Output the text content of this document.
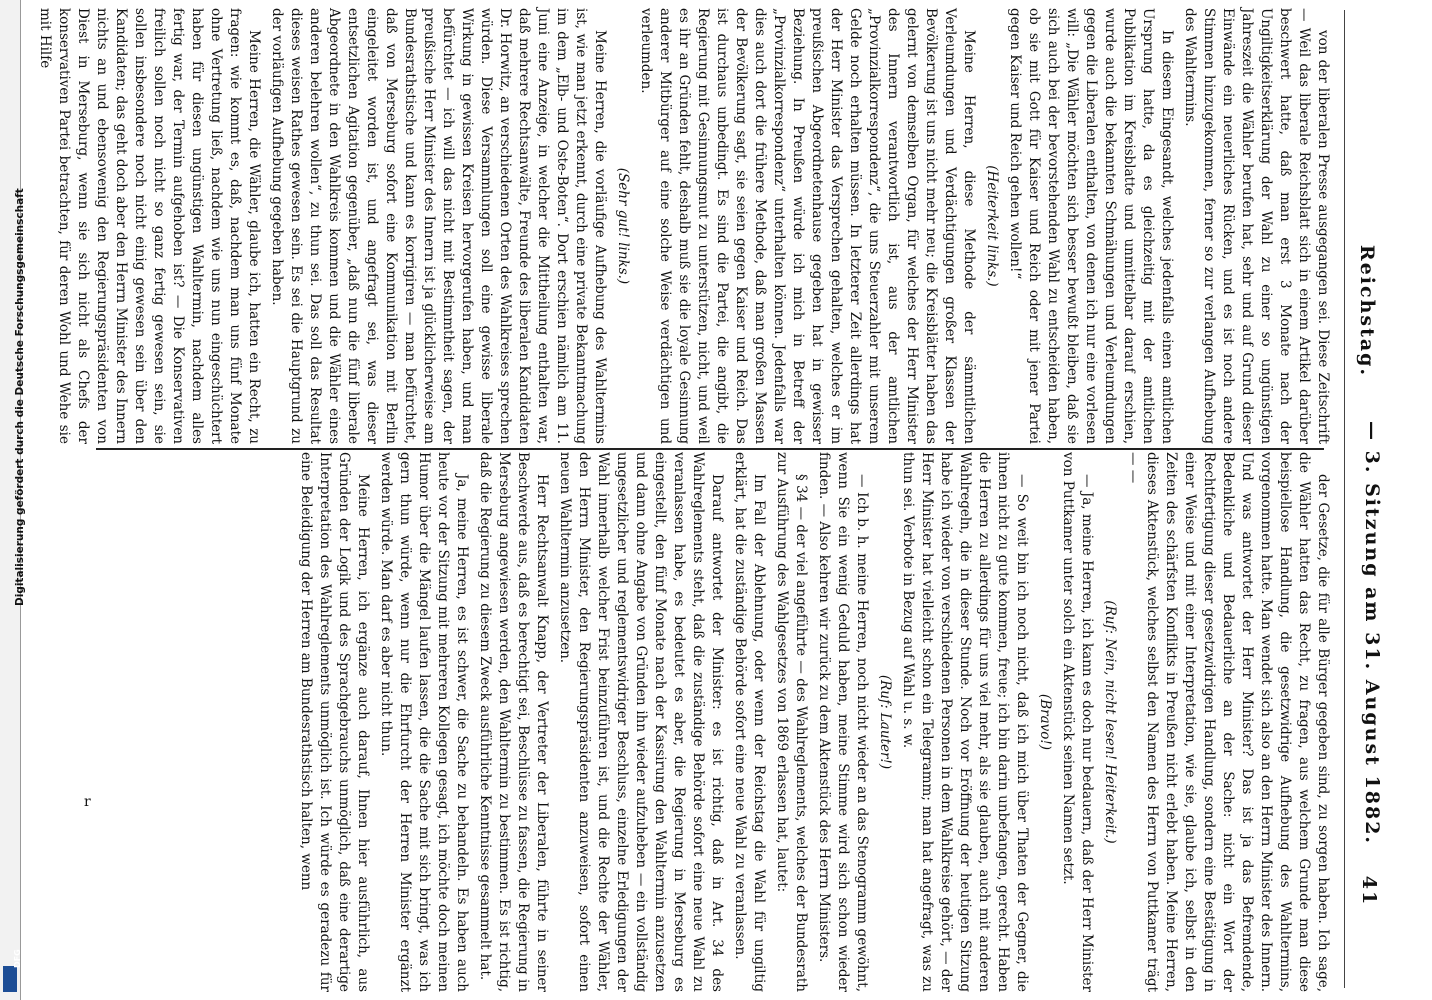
Digitalisierung gefördert durch die Deutsche Forschungsgemeinschaft
DFG

von der liberalen Presse ausgegangen sei. Diese Zeitschrift — Weil das liberale Reichsblatt sich in einem Artikel darüber beschwert hatte, daß man erst 3 Monate nach der Ungiltigkeitserklärung der Wahl zu einer so ungünstigen Jahreszeit die Wähler berufen hat, sehr und auf Grund dieser Einwände ein neuerliches Rücken, und es ist noch andere Stimmen hinzugekommen, ferner so zur verlangen Aufhebung des Wahltermins.

In diesem Eingesandt, welches jedenfalls einen amtlichen Ursprung hatte, da es gleichzeitig mit der amtlichen Publikation im Kreisblatte und unmittelbar darauf erschien, wurde auch die bekannten Schmähungen und Verleumdungen gegen die Liberalen enthalten, von denen ich nur eine vorlesen will: „Die Wähler möchten sich besser bewußt bleiben, daß sie sich auch bei der bevorstehenden Wahl zu entscheiden haben, ob sie mit Gott für Kaiser und Reich oder mit jener Partei gegen Kaiser und Reich gehen wollen!“

(Heiterkeit links.)

Meine Herren, diese Methode der sämmtlichen Verleumdungen und Verdächtigungen großer Klassen der Bevölkerung ist uns nicht mehr neu; die Kreisblätter haben das gelernt von demselben Organ, für welches der Herr Minister des Innern verantwortlich ist, aus der amtlichen „Provinzialkorrespondenz“, die uns Steuerzahler mit unserem Gelde noch erhalten müssen. In letzterer Zeit allerdings hat der Herr Minister das Versprechen gehalten, welches er im preußischen Abgeordnetenhause gegeben hat in gewisser Beziehung. In Preußen würde ich mich in Betreff der „Provinzialkorrespondenz“ unterhalten können. Jedenfalls war dies auch dort die frühere Methode, daß man großen Massen der Bevölkerung sagt, sie seien gegen Kaiser und Reich. Das ist durchaus unbedingt. Es sind die Partei, die angibt, die Regierung mit Gesinnungsmut zu unterstützen, nicht, und weil es ihr an Gründen fehlt, deshalb muß sie die loyale Gesinnung anderer Mitbürger auf eine solche Weise verdächtigen und verleumden.

(Sehr gut! links.)

Meine Herren, die vorläufige Aufhebung des Wahltermins ist, wie man jetzt erkennt, durch eine private Bekanntmachung im dem „Elb- und Oste-Boten“. Dort erschien nämlich am 11. Juni eine Anzeige, in welcher die Mittheilung enthalten war, daß mehrere Rechtsanwälte, Freunde des liberalen Kandidaten Dr. Horwitz, an verschiedenen Orten des Wahlkreises sprechen würden. Diese Versammlungen soll eine gewisse liberale Wirkung in gewissen Kreisen hervorgerufen haben, und man befürchtet — ich will das nicht mit Bestimmtheit sagen, der preußische Herr Minister des Innern ist ja glücklicherweise am Bundesrathstische und kann es korrigiren — man befürchtet, daß von Merseburg sofort eine Kommunikation mit Berlin eingeleitet worden ist, und angefragt sei, was dieser entsetzlichen Agitation gegenüber, „daß nun die fünf liberale Abgeordnete in den Wahlkreis kommen und die Wähler eines anderen belehren wollen“, zu thun sei. Das soll das Resultat dieses weisen Rathes gewesen sein. Es sei die Hauptgrund zu der vorläufigen Aufhebung gegeben haben.

Meine Herren, die Wähler, glaube ich, hatten ein Recht, zu fragen: wie kommt es, daß, nachdem man uns fünf Monate ohne Vertretung ließ, nachdem wie uns nun eingeschüchtert haben für diesen ungünstigen Wahltermin, nachdem alles fertig war, der Termin aufgehoben ist? — Die Konservativen freilich sollen noch nicht so ganz fertig gewesen sein, sie sollen insbesondere noch nicht einig gewesen sein über den Kandidaten; das geht doch aber den Herrn Minister des Innern nichts an und ebensowenig den Regierungspräsidenten von Diest in Merseburg, wenn sie sich nicht als Chefs der konservativen Partei betrachten, für deren Wohl und Wehe sie mit Hilfe

der Gesetze, die für alle Bürger gegeben sind, zu sorgen haben. Ich sage, die Wähler hatten das Recht, zu fragen, aus welchem Grunde man diese beispiellose Handlung, die gesetzwidrige Aufhebung des Wahltermins, vorgenommen hatte. Man wendet sich also an den Herrn Minister des Innern. Und was antwortet der Herr Minister? Das ist ja das Befremdende, Bedenkliche und Bedauerliche an der Sache: nicht ein Wort der Rechtfertigung dieser gesetzwidrigen Handlung, sondern eine Bestätigung in einer Weise und mit einer Interpretation, wie sie, glaube ich, selbst in den Zeiten des schärfsten Konflikts in Preußen nicht erlebt haben. Meine Herren, dieses Aktenstück, welches selbst den Namen des Herrn von Puttkamer trägt — —

(Ruf: Nein, nicht lesen! Heiterkeit.)

— Ja, meine Herren, ich kann es doch nur bedauern, daß der Herr Minister von Puttkamer unter solch ein Aktenstück seinen Namen setzt.

(Bravo!)

— So weit bin ich noch nicht, daß ich mich über Thaten der Gegner, die ihnen nicht zu gute kommen, freue; ich bin darin unbefangen, gerecht. Haben die Herren zu allerdings für uns viel mehr, als sie glauben, auch mit anderen Wahlregeln, die in dieser Stunde. Noch vor Eröffnung der heutigen Sitzung habe ich wieder von verschiedenen Personen in dem Wahlkreise gehört, — der Herr Minister hat vielleicht schon ein Telegramm; man hat angefragt, was zu thun sei. Verbote in Bezug auf Wahl u. s. w.

(Ruf: Lauter!)

— Ich b. h. meine Herren, noch nicht wieder an das Stenogramm gewöhnt, wenn Sie ein wenig Geduld haben, meine Stimme wird sich schon wieder finden. — Also kehren wir zurück zu dem Aktenstück des Herrn Ministers.

§ 34 — der viel angeführte — des Wahlreglements, welches der Bundesrath zur Ausführung des Wahlgesetzes von 1869 erlassen hat, lautet:

Im Fall der Ablehnung, oder wenn der Reichstag die Wahl für ungiltig erklärt, hat die zuständige Behörde sofort eine neue Wahl zu veranlassen.

Darauf antwortet der Minister: es ist richtig, daß in Art. 34 des Wahlreglements steht, daß die zuständige Behörde sofort eine neue Wahl zu veranlassen habe, es bedeutet es aber, die Regierung in Merseburg es eingestellt, den fünf Monate nach der Kassirung den Wahltermin anzusetzen und dann ohne Angabe von Gründen ihn wieder aufzuheben — ein vollständig ungesetzlicher und reglementswidriger Beschluss, einzelne Erledigungen der Wahl innerhalb welcher Frist beinzuführen ist, und die Rechte der Wähler, den Herrn Minister, den Regierungspräsidenten anzuweisen, sofort einen neuen Wahltermin anzusetzen.

Herr Rechtsanwalt Knapp, der Vertreter der Liberalen, führte in seiner Beschwerde aus, daß es berechtigt sei, Beschlüsse zu fassen, die Regierung in Merseburg angewiesen werden, den Wahltermin zu bestimmen. Es ist richtig, daß die Regierung zu diesem Zweck ausführliche Kenntnisse gesammelt hat.

Ja, meine Herren, es ist schwer, die Sache zu behandeln. Es haben auch heute vor der Sitzung mit mehreren Kollegen gesagt, ich möchte doch meinen Humor über die Mängel laufen lassen, die die Sache mit sich bringt, was ich gern thun würde, wenn nur die Ehrfurcht der Herren Minister ergänzt werden würde. Man darf es aber nicht thun.

Meine Herren, ich ergänze auch darauf, Ihnen hier ausführlich, aus Gründen der Logik und des Sprachgebrauchs unmöglich, daß eine derartige Interpretation des Wahlreglements unmöglich ist. Ich würde es geradezu für eine Beleidigung der Herren am Bundesrathstisch halten, wenn

Reichstag.
— 3. Sitzung am 31. August 1882.
41
r
